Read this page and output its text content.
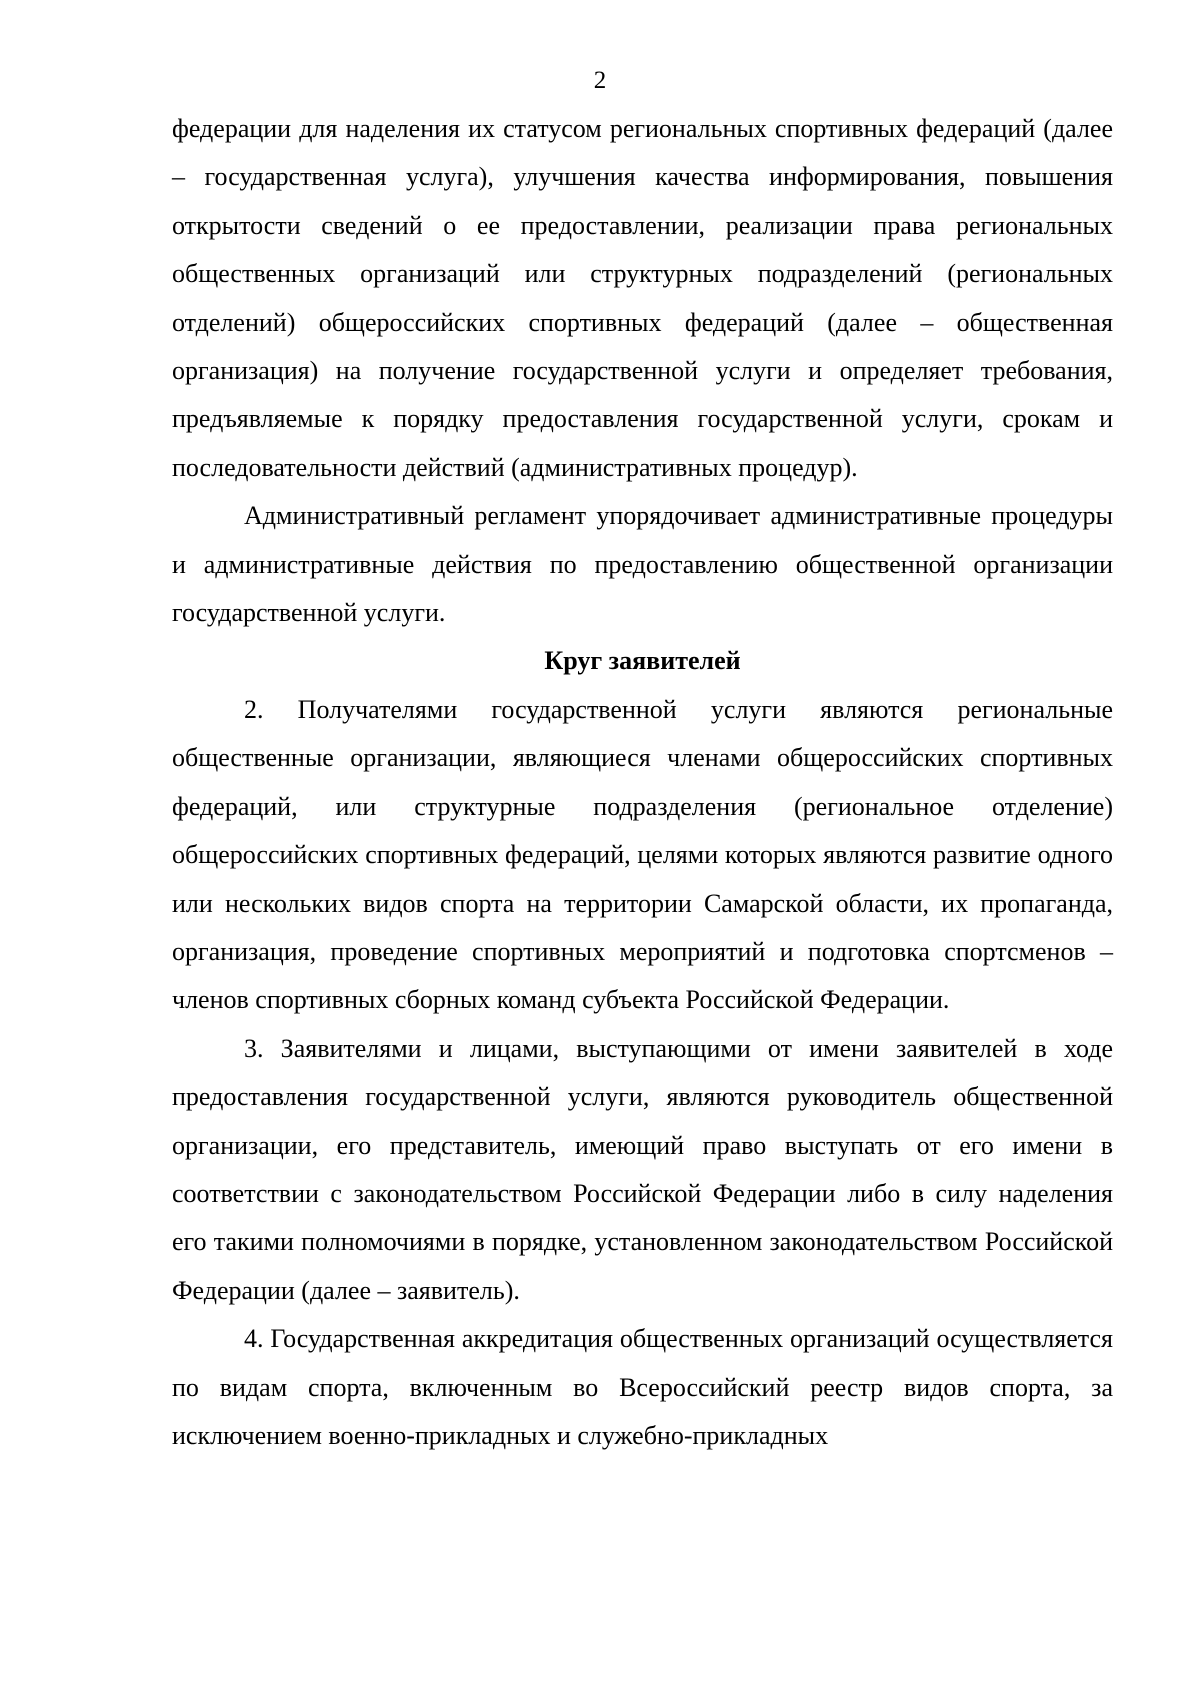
2

федерации для наделения их статусом региональных спортивных федераций (далее – государственная услуга), улучшения качества информирования, повышения открытости сведений о ее предоставлении, реализации права региональных общественных организаций или структурных подразделений (региональных отделений) общероссийских спортивных федераций (далее – общественная организация) на получение государственной услуги и определяет требования, предъявляемые к порядку предоставления государственной услуги, срокам и последовательности действий (административных процедур).

Административный регламент упорядочивает административные процедуры и административные действия по предоставлению общественной организации государственной услуги.

Круг заявителей

2. Получателями государственной услуги являются региональные общественные организации, являющиеся членами общероссийских спортивных федераций, или структурные подразделения (региональное отделение) общероссийских спортивных федераций, целями которых являются развитие одного или нескольких видов спорта на территории Самарской области, их пропаганда, организация, проведение спортивных мероприятий и подготовка спортсменов – членов спортивных сборных команд субъекта Российской Федерации.

3. Заявителями и лицами, выступающими от имени заявителей в ходе предоставления государственной услуги, являются руководитель общественной организации, его представитель, имеющий право выступать от его имени в соответствии с законодательством Российской Федерации либо в силу наделения его такими полномочиями в порядке, установленном законодательством Российской Федерации (далее – заявитель).

4. Государственная аккредитация общественных организаций осуществляется по видам спорта, включенным во Всероссийский реестр видов спорта, за исключением военно-прикладных и служебно-прикладных
